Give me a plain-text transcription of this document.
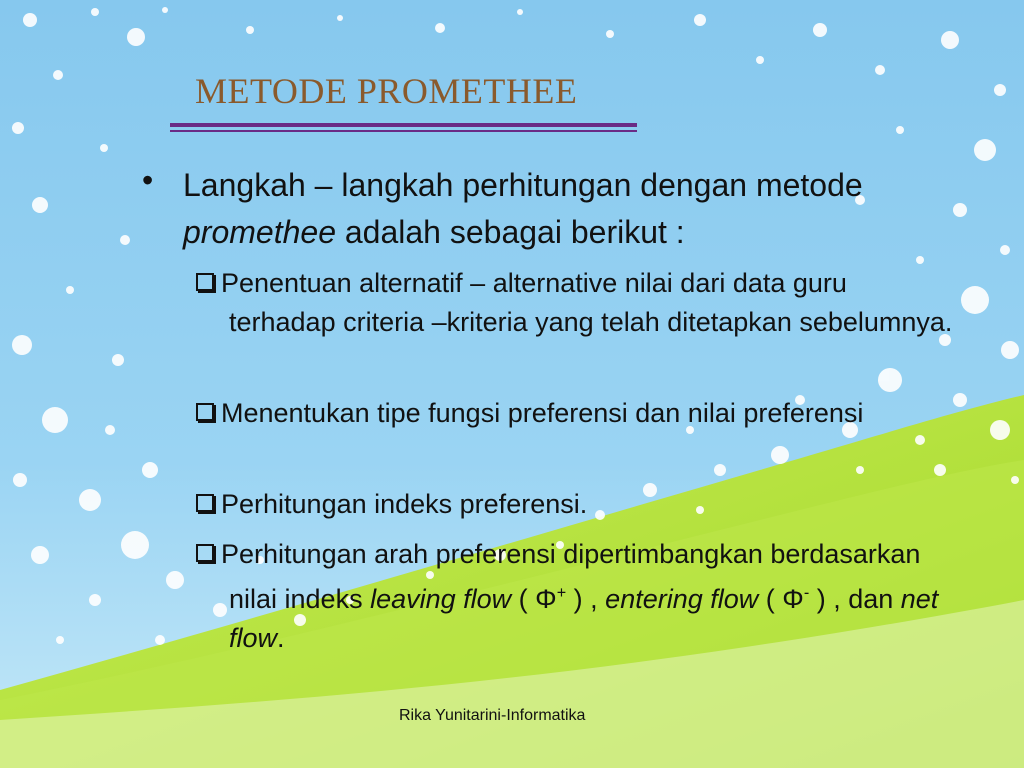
METODE PROMETHEE
• Langkah – langkah perhitungan dengan metode promethee adalah sebagai berikut :

Penentuan alternatif – alternative nilai dari data guru terhadap criteria –kriteria yang telah ditetapkan sebelumnya.

Menentukan tipe fungsi preferensi dan nilai preferensi

Perhitungan indeks preferensi.

Perhitungan arah preferensi dipertimbangkan berdasarkan nilai indeks leaving flow ( Φ+ ) , entering flow ( Φ- ) , dan net flow.

Rika Yunitarini-Informatika
